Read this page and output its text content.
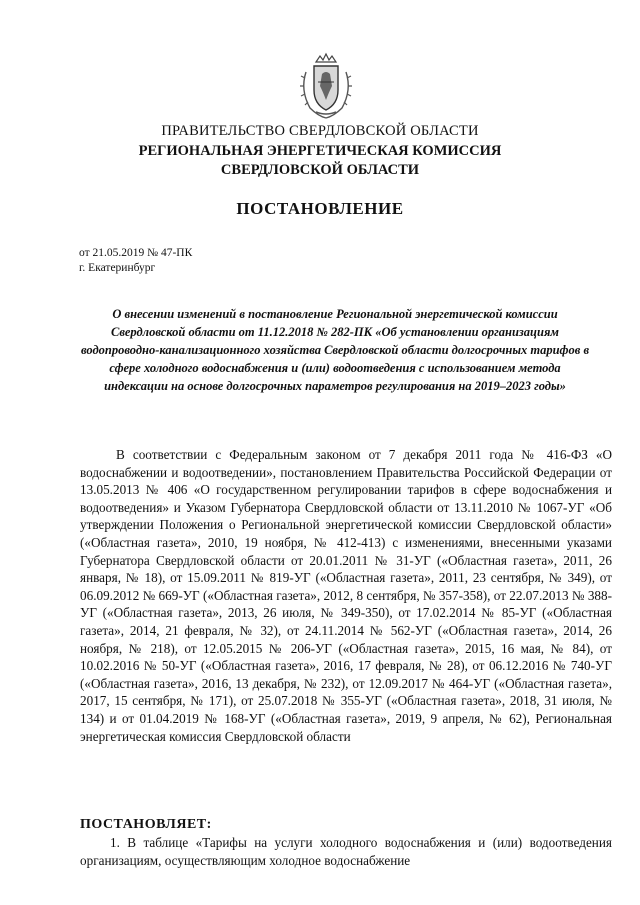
ПРАВИТЕЛЬСТВО СВЕРДЛОВСКОЙ ОБЛАСТИ
РЕГИОНАЛЬНАЯ ЭНЕРГЕТИЧЕСКАЯ КОМИССИЯ
СВЕРДЛОВСКОЙ ОБЛАСТИ
ПОСТАНОВЛЕНИЕ
от 21.05.2019 № 47-ПК
г. Екатеринбург
О внесении изменений в постановление Региональной энергетической комиссии Свердловской области от 11.12.2018 № 282-ПК «Об установлении организациям водопроводно-канализационного хозяйства Свердловской области долгосрочных тарифов в сфере холодного водоснабжения и (или) водоотведения с использованием метода индексации на основе долгосрочных параметров регулирования на 2019–2023 годы»
В соответствии с Федеральным законом от 7 декабря 2011 года № 416-ФЗ «О водоснабжении и водоотведении», постановлением Правительства Российской Федерации от 13.05.2013 № 406 «О государственном регулировании тарифов в сфере водоснабжения и водоотведения» и Указом Губернатора Свердловской области от 13.11.2010 № 1067-УГ «Об утверждении Положения о Региональной энергетической комиссии Свердловской области» («Областная газета», 2010, 19 ноября, № 412-413) с изменениями, внесенными указами Губернатора Свердловской области от 20.01.2011 № 31-УГ («Областная газета», 2011, 26 января, № 18), от 15.09.2011 № 819-УГ («Областная газета», 2011, 23 сентября, № 349), от 06.09.2012 № 669-УГ («Областная газета», 2012, 8 сентября, № 357-358), от 22.07.2013 № 388-УГ («Областная газета», 2013, 26 июля, № 349-350), от 17.02.2014 № 85-УГ («Областная газета», 2014, 21 февраля, № 32), от 24.11.2014 № 562-УГ («Областная газета», 2014, 26 ноября, № 218), от 12.05.2015 № 206-УГ («Областная газета», 2015, 16 мая, № 84), от 10.02.2016 № 50-УГ («Областная газета», 2016, 17 февраля, № 28), от 06.12.2016 № 740-УГ («Областная газета», 2016, 13 декабря, № 232), от 12.09.2017 № 464-УГ («Областная газета», 2017, 15 сентября, № 171), от 25.07.2018 № 355-УГ («Областная газета», 2018, 31 июля, № 134) и от 01.04.2019 № 168-УГ («Областная газета», 2019, 9 апреля, № 62), Региональная энергетическая комиссия Свердловской области
ПОСТАНОВЛЯЕТ:
1. В таблице «Тарифы на услуги холодного водоснабжения и (или) водоотведения организациям, осуществляющим холодное водоснабжение
